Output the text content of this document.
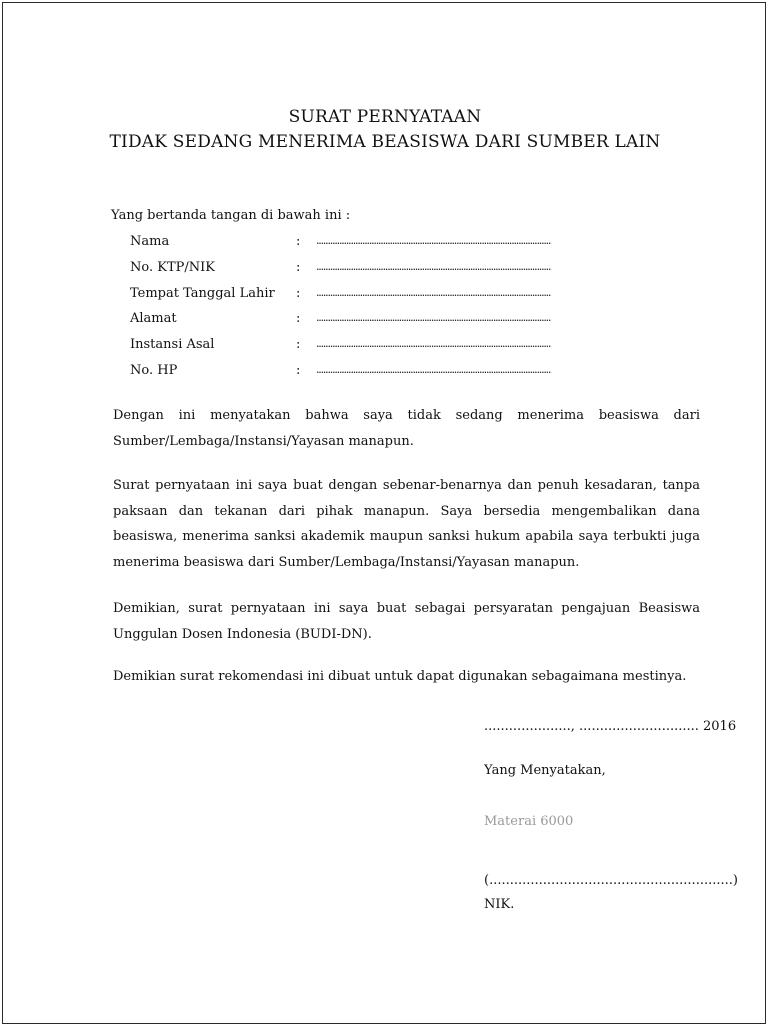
SURAT PERNYATAAN
TIDAK SEDANG MENERIMA BEASISWA DARI SUMBER LAIN
Yang bertanda tangan di bawah ini :
Nama	: ......................................................................................................
No. KTP/NIK	: ......................................................................................................
Tempat Tanggal Lahir : ......................................................................................................
Alamat	: ......................................................................................................
Instansi Asal	: ......................................................................................................
No. HP	: ......................................................................................................

Dengan ini menyatakan bahwa saya tidak sedang menerima beasiswa dari Sumber/Lembaga/Instansi/Yayasan manapun.

Surat pernyataan ini saya buat dengan sebenar-benarnya dan penuh kesadaran, tanpa paksaan dan tekanan dari pihak manapun. Saya bersedia mengembalikan dana beasiswa, menerima sanksi akademik maupun sanksi hukum apabila saya terbukti juga menerima beasiswa dari Sumber/Lembaga/Instansi/Yayasan manapun.

Demikian, surat pernyataan ini saya buat sebagai persyaratan pengajuan Beasiswa Unggulan Dosen Indonesia (BUDI-DN).

Demikian surat rekomendasi ini dibuat untuk dapat digunakan sebagaimana mestinya.

....................., ............................. 2016
Yang Menyatakan,
Materai 6000
(...........................................................)
NIK.
